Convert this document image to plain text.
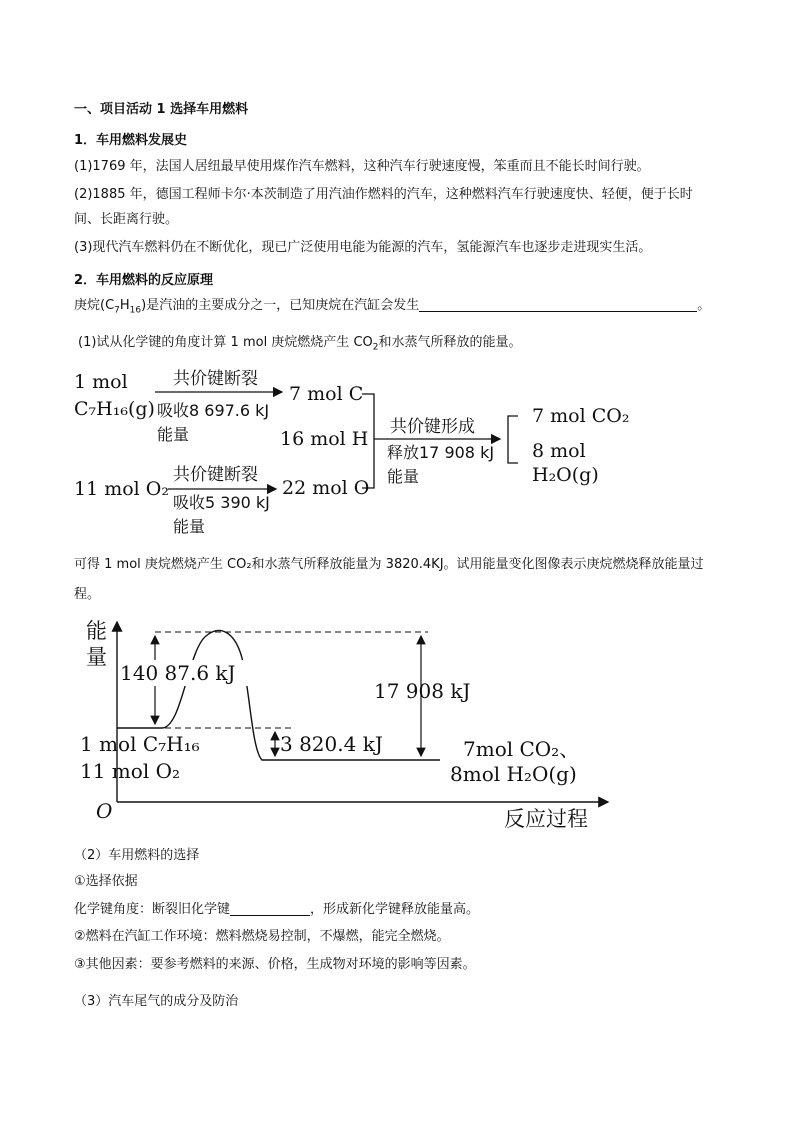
一、项目活动 1 选择车用燃料
1．车用燃料发展史
(1)1769 年，法国人居纽最早使用煤作汽车燃料，这种汽车行驶速度慢，笨重而且不能长时间行驶。
(2)1885 年，德国工程师卡尔·本茨制造了用汽油作燃料的汽车，这种燃料汽车行驶速度快、轻便，便于长时
间、长距离行驶。
(3)现代汽车燃料仍在不断优化，现已广泛使用电能为能源的汽车，氢能源汽车也逐步走进现实生活。
2．车用燃料的反应原理
庚烷$(C_7H_{16})$是汽油的主要成分之一，已知庚烷在汽缸会发生	。
(1)试从化学键的角度计算 1 mol 庚烷燃烧产生 $CO_2$和水蒸气所释放的能量。
1 mol
C₇H₁₆(g)
共价键断裂
吸收8 697.6 kJ
能量
7 mol C
16 mol H
22 mol O
11 mol O₂
共价键断裂
吸收5 390 kJ
能量
共价键形成
释放17 908 kJ
能量
7 mol CO₂
8 mol
H₂O(g)
可得 1 mol 庚烷燃烧产生 CO₂和水蒸气所释放能量为 3820.4KJ。试用能量变化图像表示庚烷燃烧释放能量过
程。
能
量
O	反应过程
140 87.6 kJ
17 908 kJ
3 820.4 kJ
1 mol C₇H₁₆
11 mol O₂
7mol CO₂、
8mol H₂O(g)
（2）车用燃料的选择
①选择依据
化学键角度：断裂旧化学键	，形成新化学键释放能量高。
②燃料在汽缸工作环境：燃料燃烧易控制，不爆燃，能完全燃烧。
③其他因素：要参考燃料的来源、价格，生成物对环境的影响等因素。
（3）汽车尾气的成分及防治
